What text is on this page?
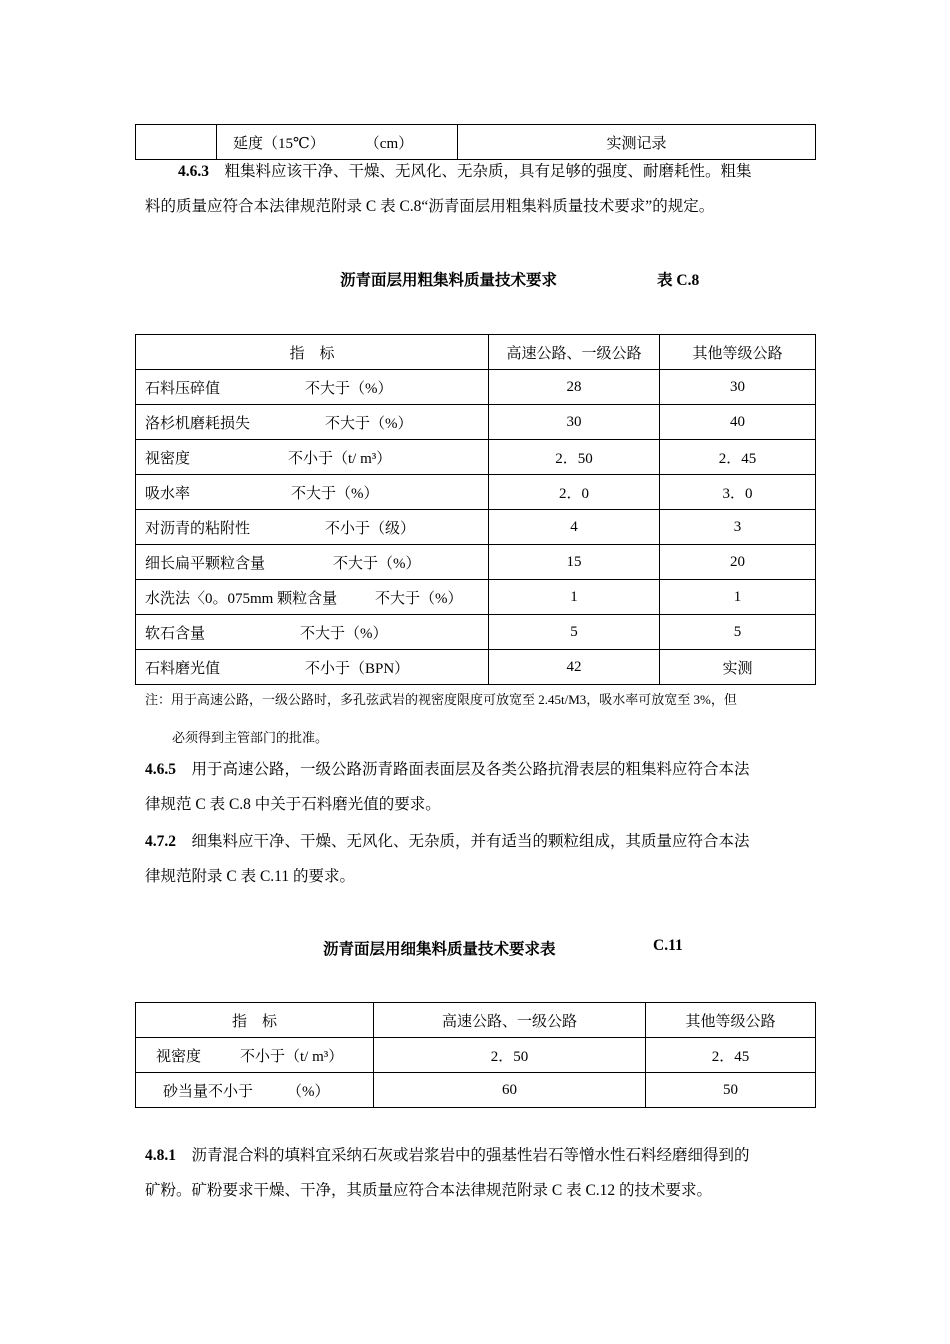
	延度（15℃）	（cm）	实测记录
4.6.3　 粗集料应该干净、干燥、无风化、无杂质，具有足够的强度、耐磨耗性。粗集
料的质量应符合本法律规范附录 C 表 C.8“沥青面层用粗集料质量技术要求”的规定。
沥青面层用粗集料质量技术要求	表 C.8
指　标	高速公路、一级公路	其他等级公路
石料压碎值 不大于（%）	28	30
洛杉机磨耗损失 不大于（%）	30	40
视密度 不小于（t/ m³）	2．50	2．45
吸水率 不大于（%）	2．0	3．0
对沥青的粘附性 不小于（级）	4	3
细长扁平颗粒含量 不大于（%）	15	20
水洗法〈0。075mm 颗粒含量 不大于（%）	1	1
软石含量 不大于（%）	5	5
石料磨光值 不小于（BPN）	42	实测
注：用于高速公路，一级公路时，多孔弦武岩的视密度限度可放宽至 2.45t/M3，吸水率可放宽至 3%，但
必须得到主管部门的批准。
4.6.5　 用于高速公路，一级公路沥青路面表面层及各类公路抗滑表层的粗集料应符合本法
律规范 C 表 C.8 中关于石料磨光值的要求。
4.7.2　 细集料应干净、干燥、无风化、无杂质，并有适当的颗粒组成，其质量应符合本法
律规范附录 C 表 C.11 的要求。
沥青面层用细集料质量技术要求表	C.11
指　标	高速公路、一级公路	其他等级公路
视密度 不小于（t/ m³）	2．50	2．45
砂当量不小于 （%）	60	50
4.8.1　 沥青混合料的填料宜采纳石灰或岩浆岩中的强基性岩石等憎水性石料经磨细得到的
矿粉。矿粉要求干燥、干净，其质量应符合本法律规范附录 C 表 C.12 的技术要求。
